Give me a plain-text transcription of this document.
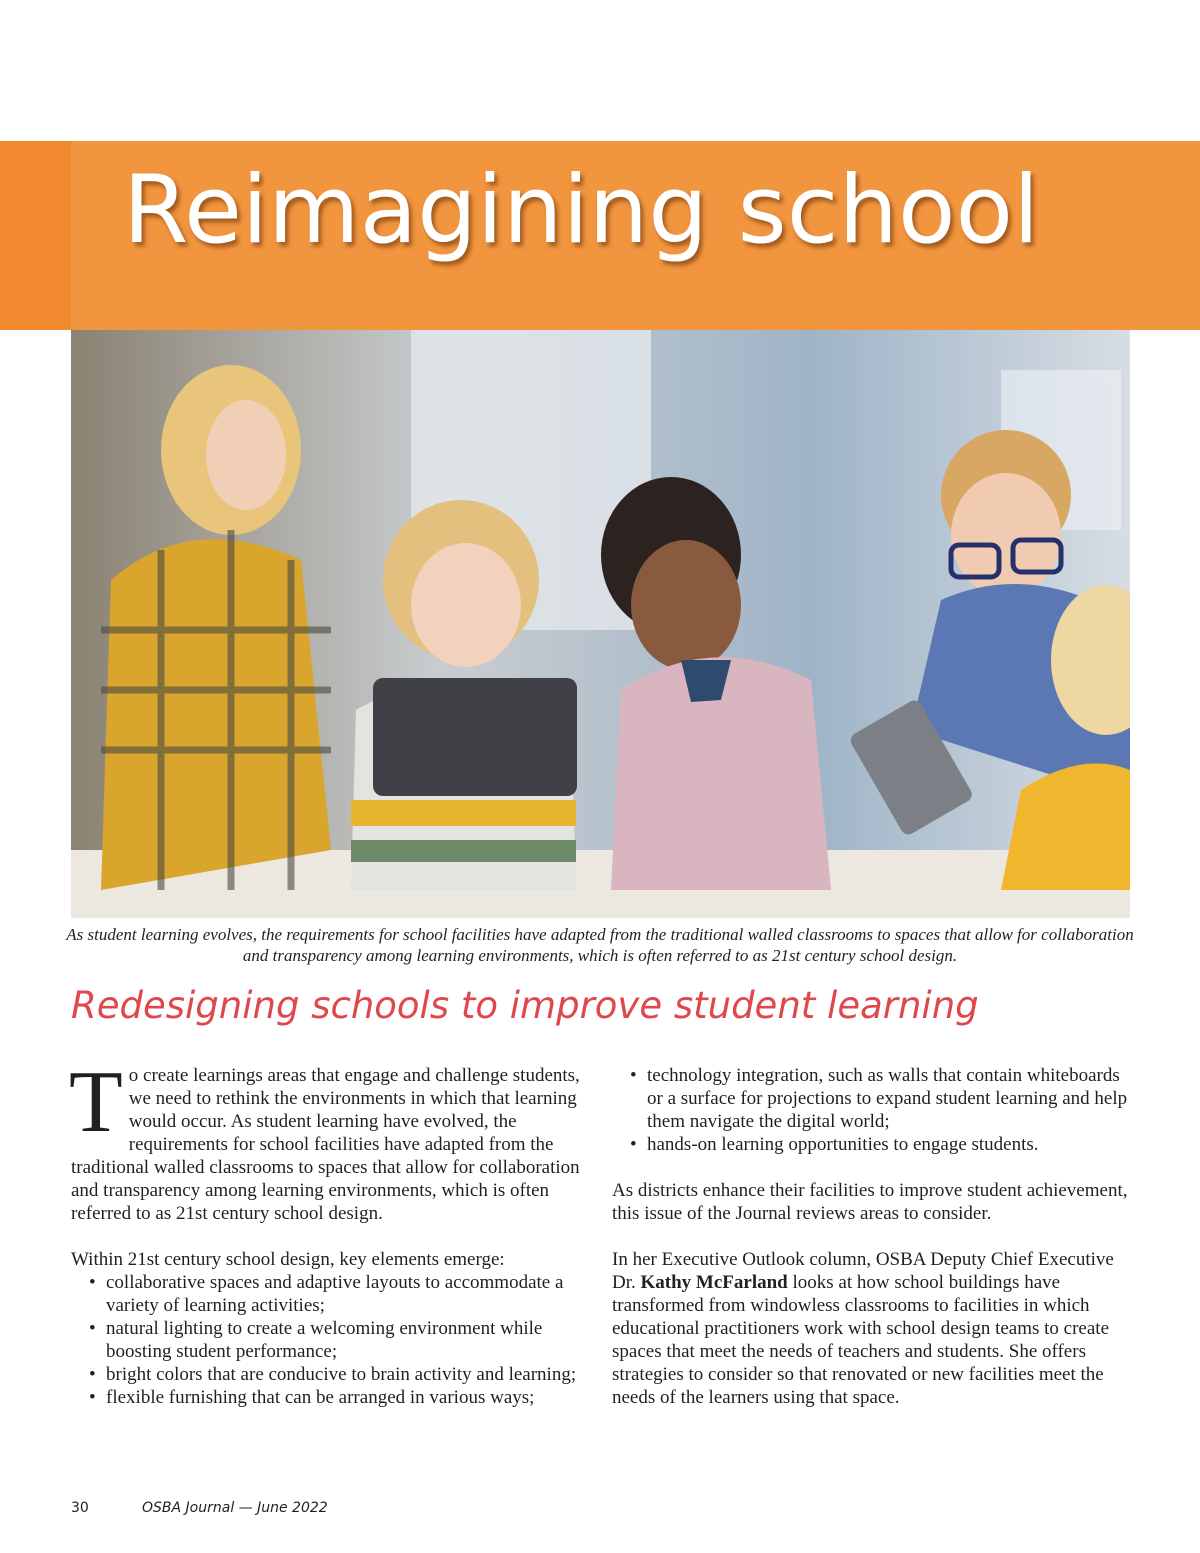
Reimagining school

As student learning evolves, the requirements for school facilities have adapted from the traditional walled classrooms to spaces that allow for collaboration and transparency among learning environments, which is often referred to as 21st century school design.

Redesigning schools to improve student learning

To create learnings areas that engage and challenge students, we need to rethink the environments in which that learning would occur. As student learning have evolved, the requirements for school facilities have adapted from the traditional walled classrooms to spaces that allow for collaboration and transparency among learning environments, which is often referred to as 21st century school design.

Within 21st century school design, key elements emerge:

• collaborative spaces and adaptive layouts to accommodate a variety of learning activities;
• natural lighting to create a welcoming environment while boosting student performance;
• bright colors that are conducive to brain activity and learning;
• flexible furnishing that can be arranged in various ways;
• technology integration, such as walls that contain whiteboards or a surface for projections to expand student learning and help them navigate the digital world;
• hands-on learning opportunities to engage students.

As districts enhance their facilities to improve student achievement, this issue of the Journal reviews areas to consider.

In her Executive Outlook column, OSBA Deputy Chief Executive Dr. Kathy McFarland looks at how school buildings have transformed from windowless classrooms to facilities in which educational practitioners work with school design teams to create spaces that meet the needs of teachers and students. She offers strategies to consider so that renovated or new facilities meet the needs of the learners using that space.

30	OSBA Journal — June 2022
